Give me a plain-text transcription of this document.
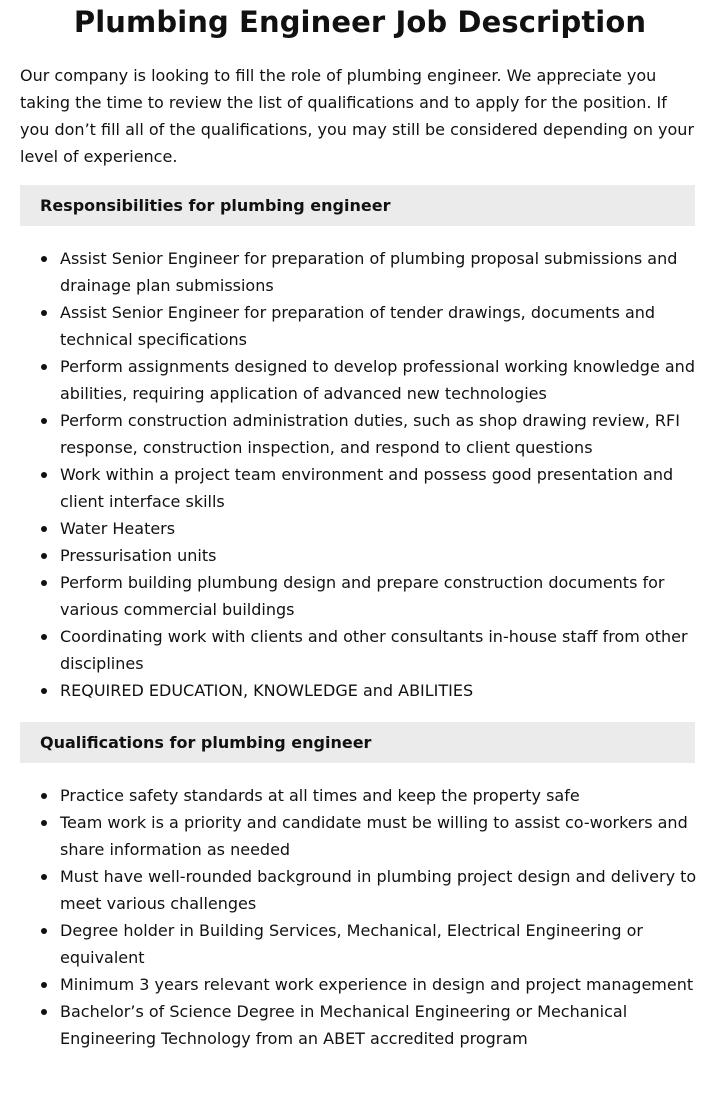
Plumbing Engineer Job Description

Our company is looking to fill the role of plumbing engineer. We appreciate you taking the time to review the list of qualifications and to apply for the position. If you don’t fill all of the qualifications, you may still be considered depending on your level of experience.

Responsibilities for plumbing engineer
Assist Senior Engineer for preparation of plumbing proposal submissions and drainage plan submissions
Assist Senior Engineer for preparation of tender drawings, documents and technical specifications
Perform assignments designed to develop professional working knowledge and abilities, requiring application of advanced new technologies
Perform construction administration duties, such as shop drawing review, RFI response, construction inspection, and respond to client questions
Work within a project team environment and possess good presentation and client interface skills
Water Heaters
Pressurisation units
Perform building plumbung design and prepare construction documents for various commercial buildings
Coordinating work with clients and other consultants in-house staff from other disciplines
REQUIRED EDUCATION, KNOWLEDGE and ABILITIES
Qualifications for plumbing engineer
Practice safety standards at all times and keep the property safe
Team work is a priority and candidate must be willing to assist co-workers and share information as needed
Must have well-rounded background in plumbing project design and delivery to meet various challenges
Degree holder in Building Services, Mechanical, Electrical Engineering or equivalent
Minimum 3 years relevant work experience in design and project management
Bachelor’s of Science Degree in Mechanical Engineering or Mechanical Engineering Technology from an ABET accredited program
